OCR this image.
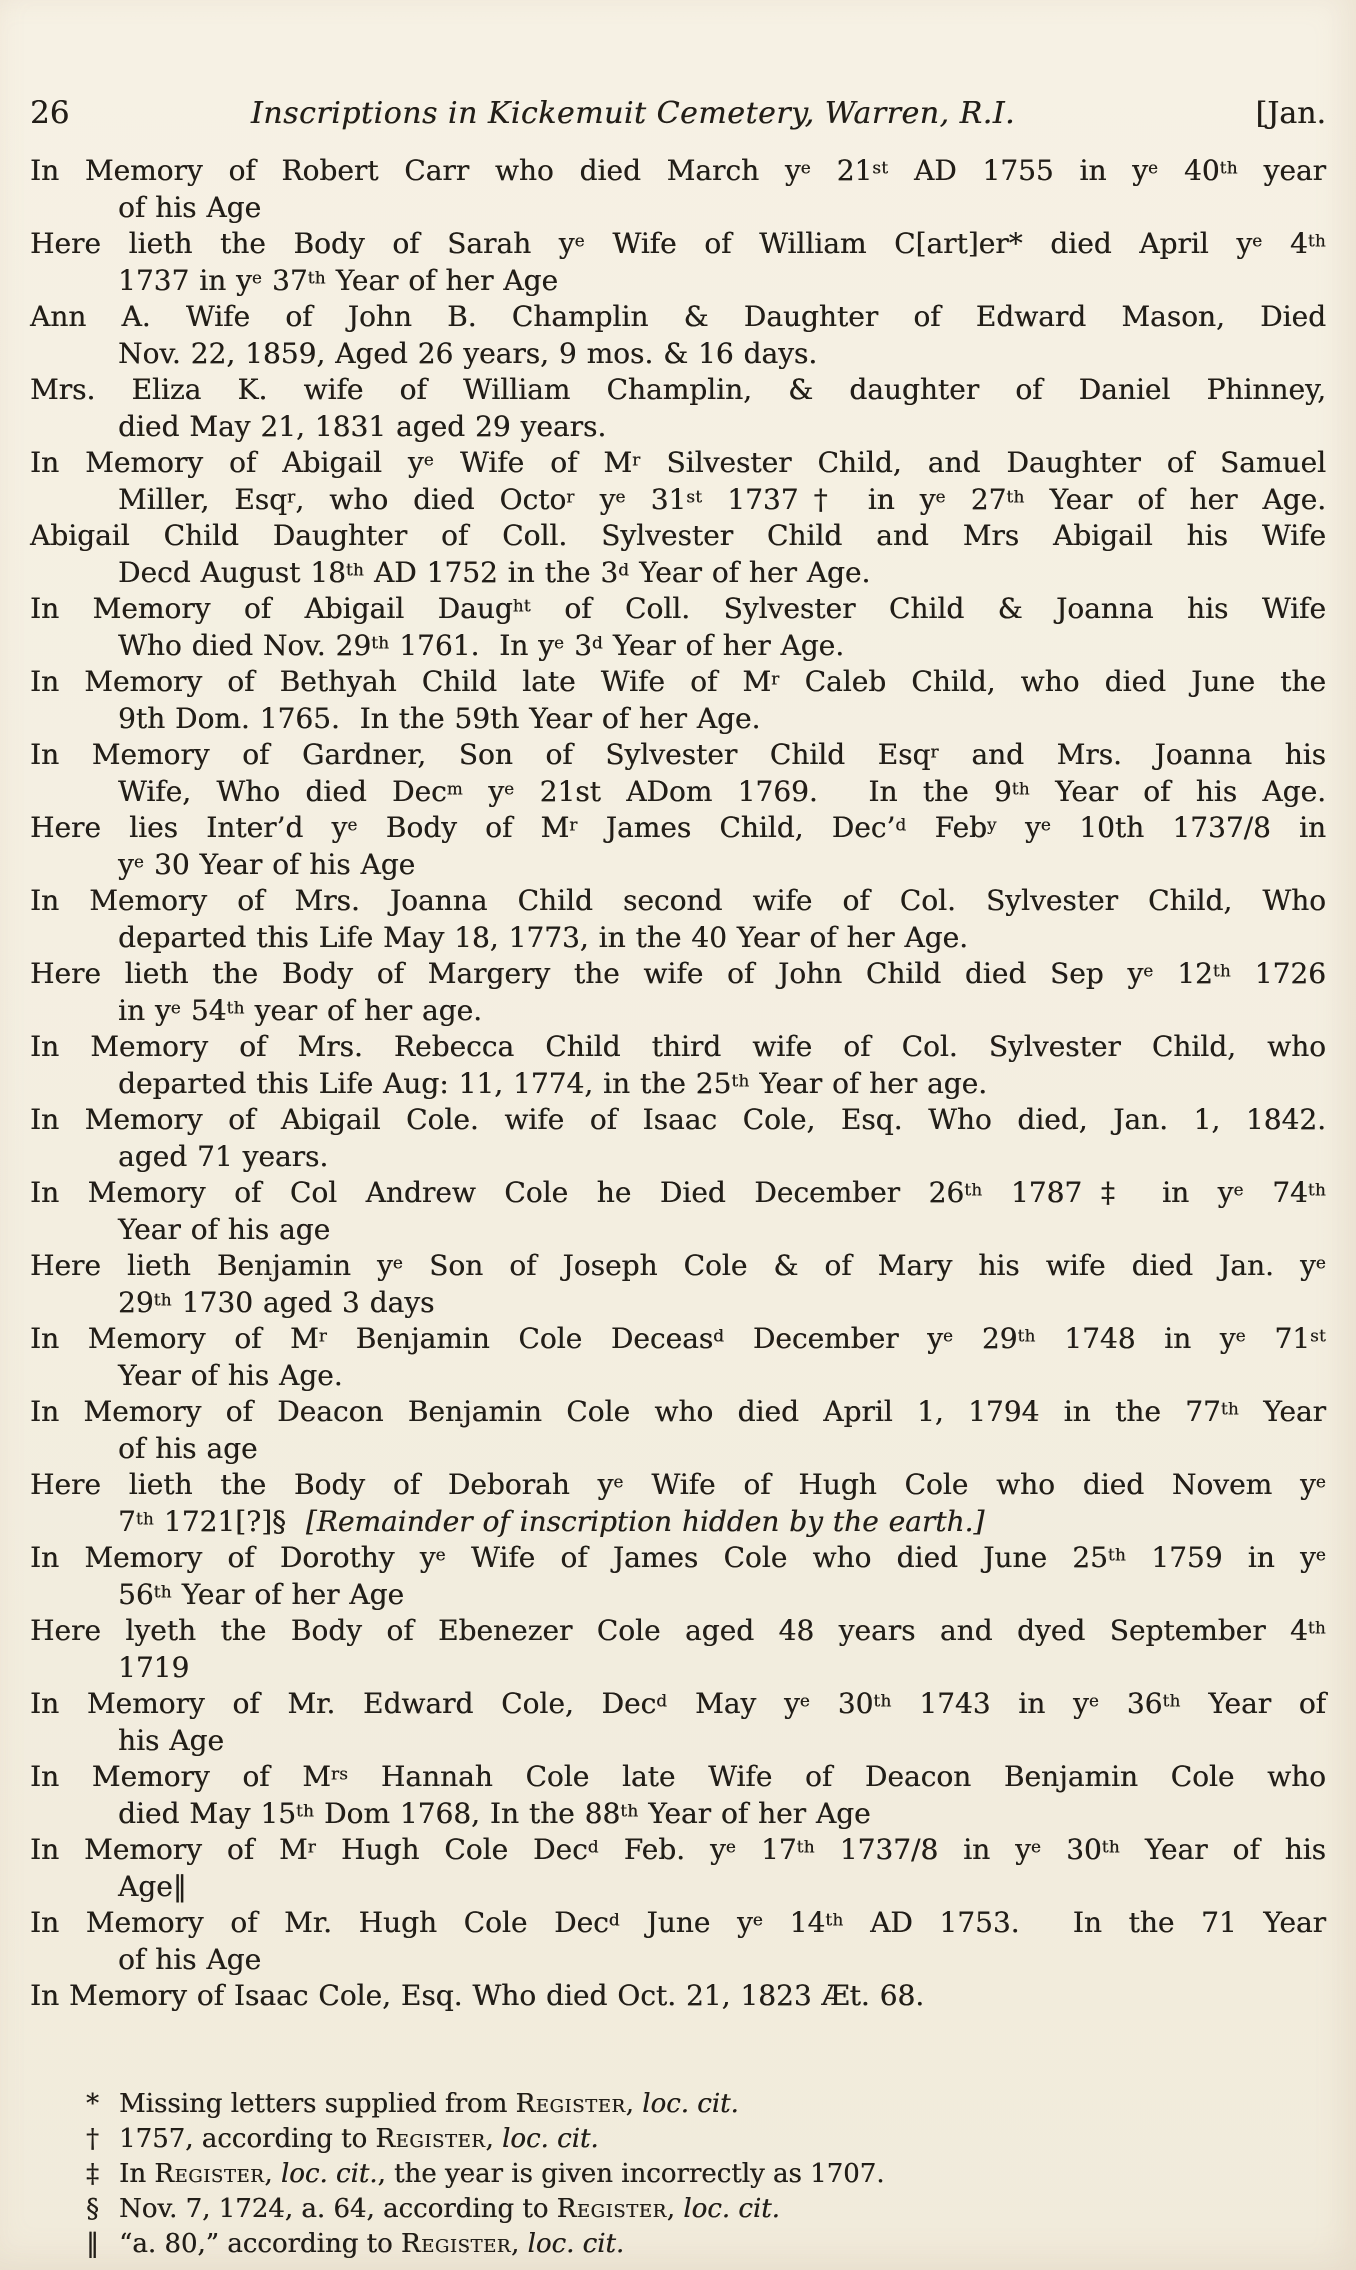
26	Inscriptions in Kickemuit Cemetery, Warren, R.I.	[Jan.

In Memory of Robert Carr who died March $y^e$ 21st AD 1755 in $y^e$ 40th year
of his Age

Here lieth the Body of Sarah $y^e$ Wife of William C[art]er* died April $y^e$ 4th
1737 in $y^e$ 37th Year of her Age

Ann A. Wife of John B. Champlin & Daughter of Edward Mason, Died
Nov. 22, 1859, Aged 26 years, 9 mos. & 16 days.

Mrs. Eliza K. wife of William Champlin, & daughter of Daniel Phinney,
died May 21, 1831 aged 29 years.

In Memory of Abigail $y^e$ Wife of $M^r$ Silvester Child, and Daughter of Samuel
Miller, Esq$^r$, who died Octo$^r$ $y^e$ 31st 1737† in $y^e$ 27th Year of her Age.

Abigail Child Daughter of Coll. Sylvester Child and Mrs Abigail his Wife
Decd August 18th AD 1752 in the 3$^d$ Year of her Age.

In Memory of Abigail Daug$^{ht}$ of Coll. Sylvester Child & Joanna his Wife
Who died Nov. 29th 1761.  In $y^e$ 3$^d$ Year of her Age.

In Memory of Bethyah Child late Wife of $M^r$ Caleb Child, who died June the
9th Dom. 1765.  In the 59th Year of her Age.

In Memory of Gardner, Son of Sylvester Child Esq$^r$ and Mrs. Joanna his
Wife, Who died Dec$^m$ $y^e$ 21st ADom 1769.  In the 9th Year of his Age.

Here lies Inter’d $y^e$ Body of $M^r$ James Child, Dec’$^d$ Feb$^y$ $y^e$ 10th 1737/8 in
$y^e$ 30 Year of his Age

In Memory of Mrs. Joanna Child second wife of Col. Sylvester Child, Who
departed this Life May 18, 1773, in the 40 Year of her Age.

Here lieth the Body of Margery the wife of John Child died Sep $y^e$ 12th 1726
in $y^e$ 54th year of her age.

In Memory of Mrs. Rebecca Child third wife of Col. Sylvester Child, who
departed this Life Aug: 11, 1774, in the 25th Year of her age.

In Memory of Abigail Cole. wife of Isaac Cole, Esq. Who died, Jan. 1, 1842.
aged 71 years.

In Memory of Col Andrew Cole he Died December 26th 1787‡ in $y^e$ 74th
Year of his age

Here lieth Benjamin $y^e$ Son of Joseph Cole & of Mary his wife died Jan. $y^e$
29th 1730 aged 3 days

In Memory of $M^r$ Benjamin Cole Deceas$^d$ December $y^e$ 29th 1748 in $y^e$ 71st
Year of his Age.

In Memory of Deacon Benjamin Cole who died April 1, 1794 in the 77th Year
of his age

Here lieth the Body of Deborah $y^e$ Wife of Hugh Cole who died Novem $y^e$
7th 1721[?]§  [Remainder of inscription hidden by the earth.]

In Memory of Dorothy $y^e$ Wife of James Cole who died June 25th 1759 in $y^e$
56th Year of her Age

Here lyeth the Body of Ebenezer Cole aged 48 years and dyed September 4th
1719

In Memory of Mr. Edward Cole, Dec$^d$ May $y^e$ 30th 1743 in $y^e$ 36th Year of
his Age

In Memory of $M^{rs}$ Hannah Cole late Wife of Deacon Benjamin Cole who
died May 15th Dom 1768, In the 88th Year of her Age

In Memory of $M^r$ Hugh Cole Dec$^d$ Feb. $y^e$ 17th 1737/8 in $y^e$ 30th Year of his
Age‖

In Memory of Mr. Hugh Cole Dec$^d$ June $y^e$ 14th AD 1753.  In the 71 Year
of his Age

In Memory of Isaac Cole, Esq. Who died Oct. 21, 1823 Æt. 68.

* Missing letters supplied from Register, loc. cit.

† 1757, according to Register, loc. cit.

‡ In Register, loc. cit., the year is given incorrectly as 1707.

§ Nov. 7, 1724, a. 64, according to Register, loc. cit.

‖ “a. 80,” according to Register, loc. cit.
